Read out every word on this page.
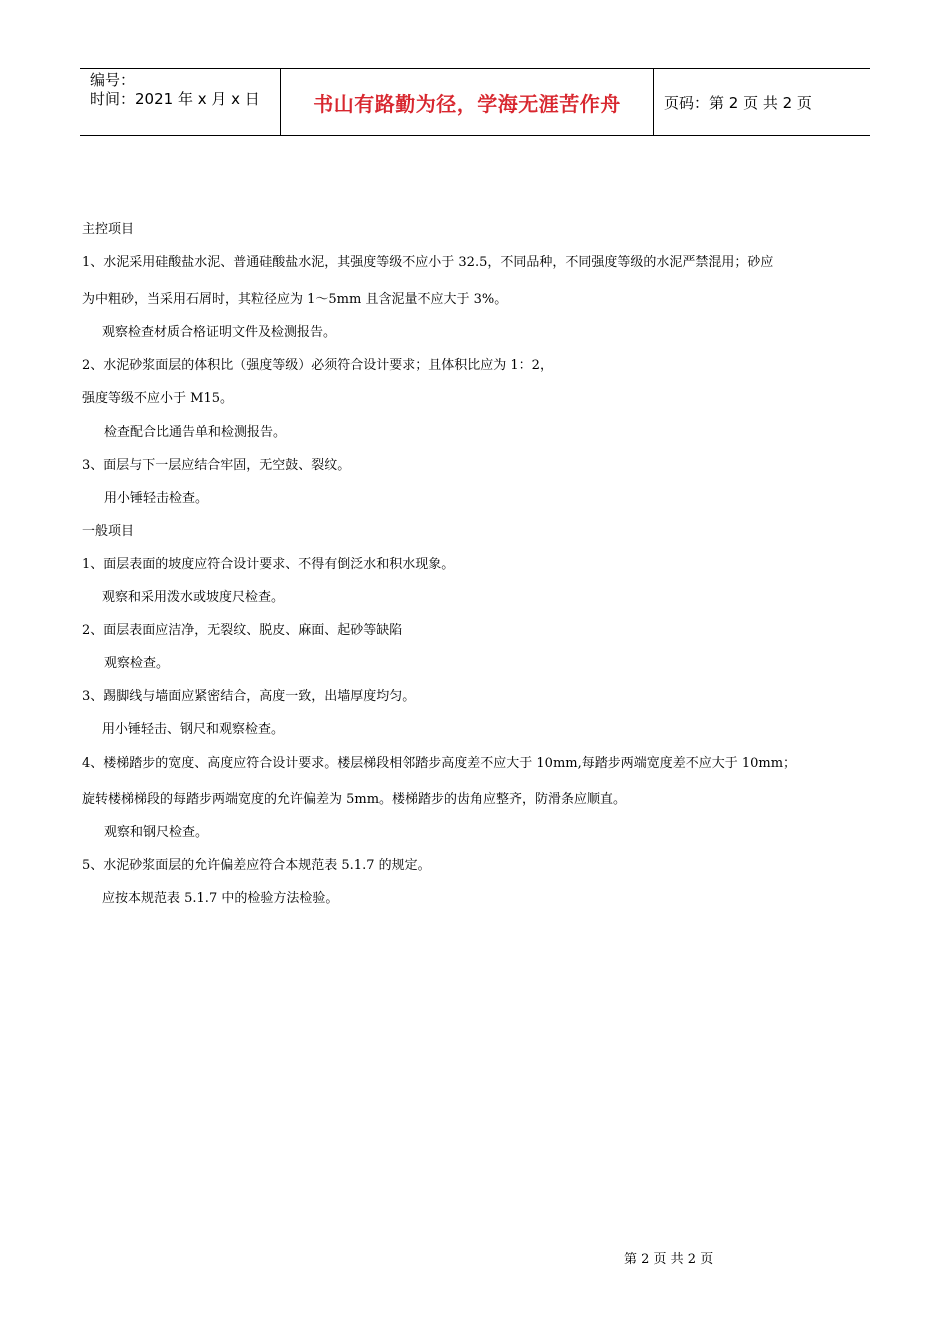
编号：
时间：2021 年 x 月 x 日	书山有路勤为径，学海无涯苦作舟	页码：第 2 页 共 2 页
主控项目
1、水泥采用硅酸盐水泥、普通硅酸盐水泥，其强度等级不应小于 32.5，不同品种，不同强度等级的水泥严禁混用；砂应
为中粗砂，当采用石屑时，其粒径应为 1～5mm 且含泥量不应大于 3%。
观察检查材质合格证明文件及检测报告。
2、水泥砂浆面层的体积比（强度等级）必须符合设计要求；且体积比应为 1：2，
强度等级不应小于 M15。
检查配合比通告单和检测报告。
3、面层与下一层应结合牢固，无空鼓、裂纹。
用小锤轻击检查。
一般项目
1、面层表面的坡度应符合设计要求、不得有倒泛水和积水现象。
观察和采用泼水或坡度尺检查。
2、面层表面应洁净，无裂纹、脱皮、麻面、起砂等缺陷
观察检查。
3、踢脚线与墙面应紧密结合，高度一致，出墙厚度均匀。
用小锤轻击、钢尺和观察检查。
4、楼梯踏步的宽度、高度应符合设计要求。楼层梯段相邻踏步高度差不应大于 10mm,每踏步两端宽度差不应大于 10mm；
旋转楼梯梯段的每踏步两端宽度的允许偏差为 5mm。楼梯踏步的齿角应整齐，防滑条应顺直。
观察和钢尺检查。
5、水泥砂浆面层的允许偏差应符合本规范表 5.1.7 的规定。
应按本规范表 5.1.7 中的检验方法检验。
第 2 页 共 2 页
